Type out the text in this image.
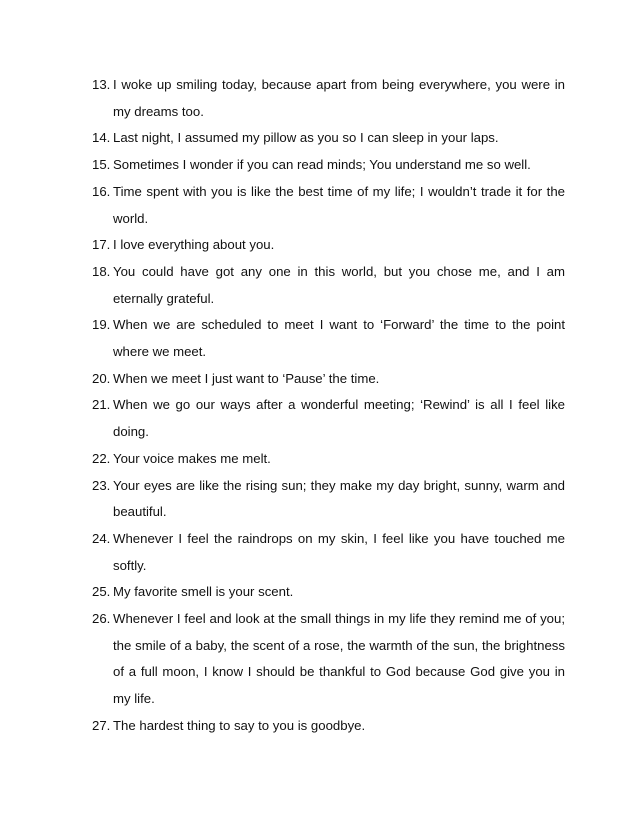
13. I woke up smiling today, because apart from being everywhere, you were in my dreams too.
14. Last night, I assumed my pillow as you so I can sleep in your laps.
15. Sometimes I wonder if you can read minds; You understand me so well.
16. Time spent with you is like the best time of my life; I wouldn’t trade it for the world.
17. I love everything about you.
18. You could have got any one in this world, but you chose me, and I am eternally grateful.
19. When we are scheduled to meet I want to ‘Forward’ the time to the point where we meet.
20. When we meet I just want to ‘Pause’ the time.
21. When we go our ways after a wonderful meeting; ‘Rewind’ is all I feel like doing.
22. Your voice makes me melt.
23. Your eyes are like the rising sun; they make my day bright, sunny, warm and beautiful.
24. Whenever I feel the raindrops on my skin, I feel like you have touched me softly.
25. My favorite smell is your scent.
26. Whenever I feel and look at the small things in my life they remind me of you; the smile of a baby, the scent of a rose, the warmth of the sun, the brightness of a full moon, I know I should be thankful to God because God give you in my life.
27. The hardest thing to say to you is goodbye.
